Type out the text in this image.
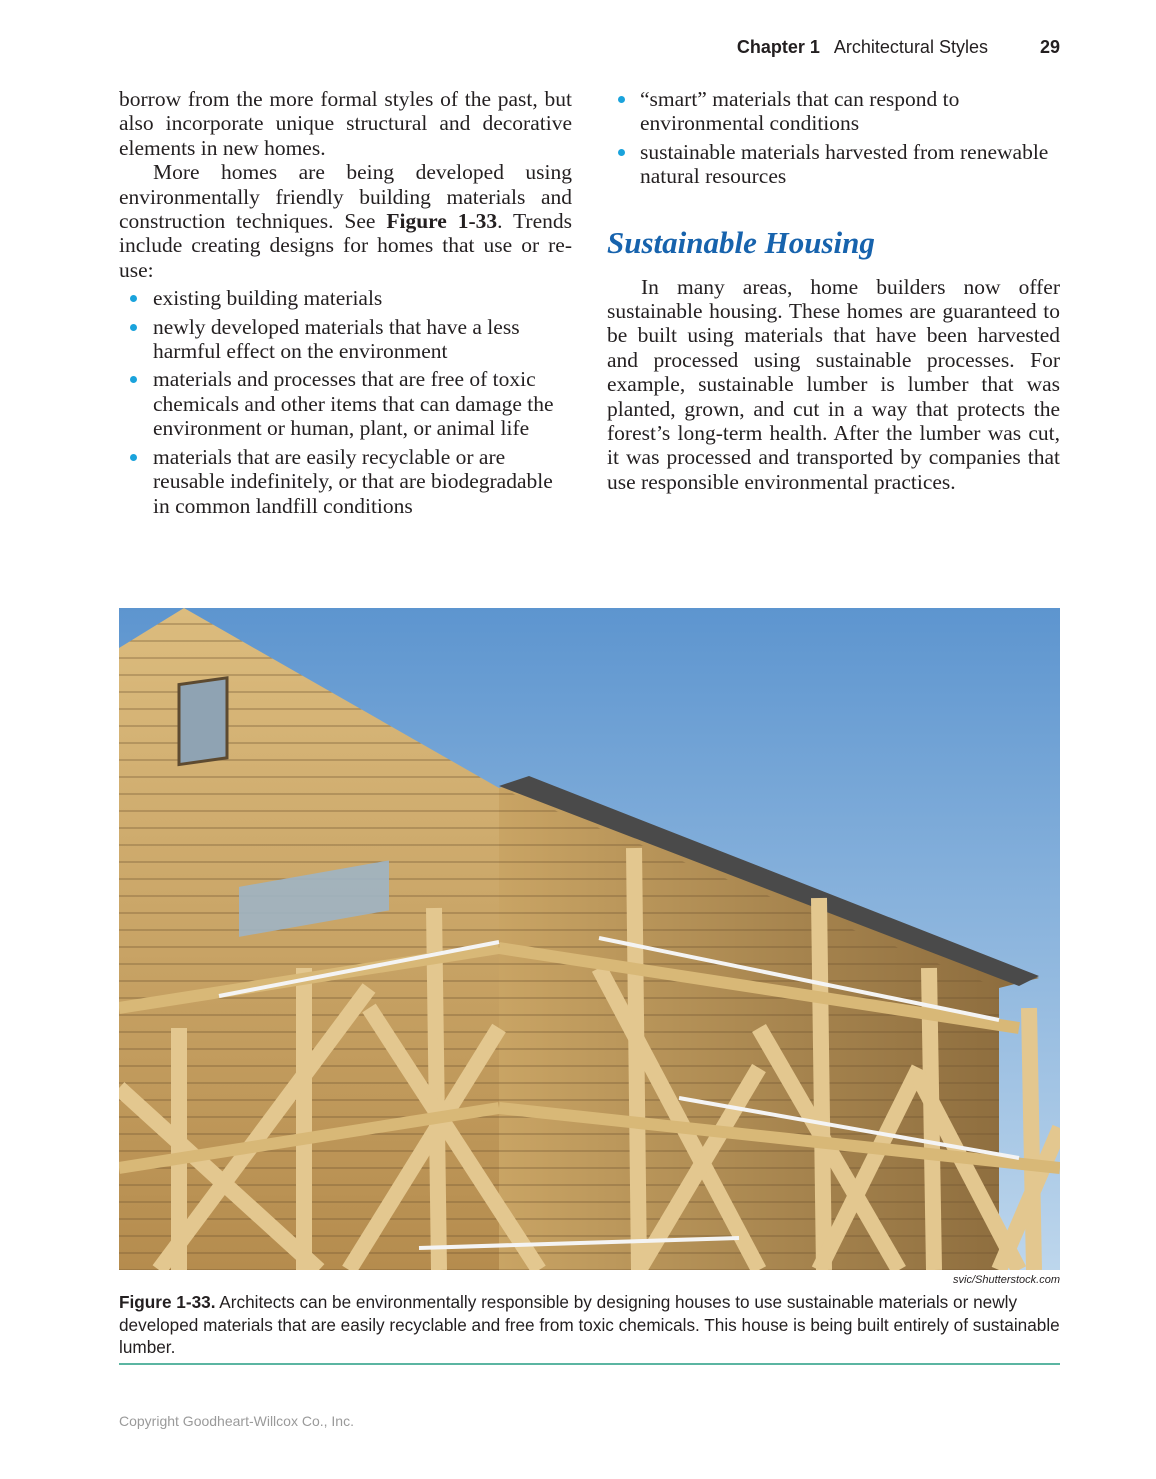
Chapter 1 Architectural Styles	29

borrow from the more formal styles of the past, but also incorporate unique structural and decorative elements in new homes.

More homes are being developed using environmentally friendly building materials and construction techniques. See Figure 1-33. Trends include creating designs for homes that use or re-use:

existing building materials
newly developed materials that have a less harmful effect on the environment
materials and processes that are free of toxic chemicals and other items that can damage the environment or human, plant, or animal life
materials that are easily recyclable or are reusable indefinitely, or that are biodegradable in common landfill conditions
“smart” materials that can respond to environmental conditions
sustainable materials harvested from renewable natural resources
Sustainable Housing

In many areas, home builders now offer sustainable housing. These homes are guaranteed to be built using materials that have been harvested and processed using sustainable processes. For example, sustainable lumber is lumber that was planted, grown, and cut in a way that protects the forest’s long-term health. After the lumber was cut, it was processed and transported by companies that use responsible environmental practices.

svic/Shutterstock.com
Figure 1-33. Architects can be environmentally responsible by designing houses to use sustainable materials or newly developed materials that are easily recyclable and free from toxic chemicals. This house is being built entirely of sustainable lumber.
Copyright Goodheart-Willcox Co., Inc.
